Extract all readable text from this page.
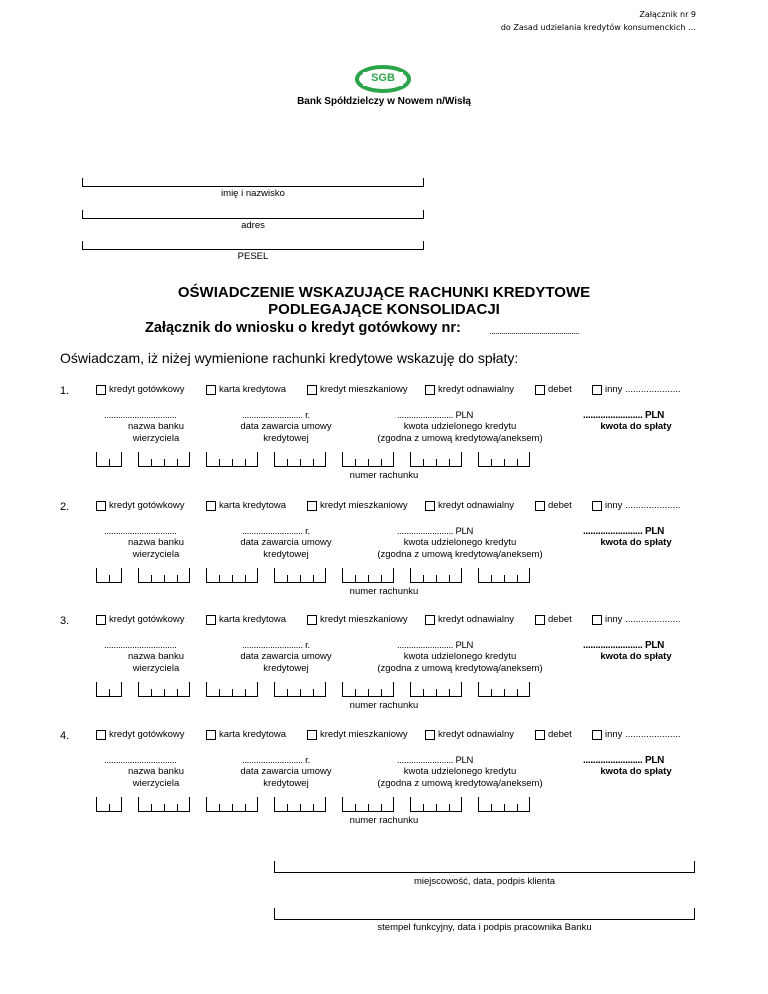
Załącznik nr 9
do Zasad udzielania kredytów konsumenckich …
SGB
Bank Spółdzielczy w Nowem n/Wisłą
imię i nazwisko
adres
PESEL
OŚWIADCZENIE WSKAZUJĄCE RACHUNKI KREDYTOWE
PODLEGAJĄCE KONSOLIDACJI
Załącznik do wniosku o kredyt gotówkowy nr:	.............................................
Oświadczam, iż niżej wymienione rachunki kredytowe wskazuję do spłaty:
1.	kredyt gotówkowy	karta kredytowa	kredyt mieszkaniowy	kredyt odnawialny	debet	inny .....................
...............................
nazwa banku
wierzyciela
.......................... r.
data zawarcia umowy
kredytowej
........................ PLN
kwota udzielonego kredytu
(zgodna z umową kredytową/aneksem)
........................ PLN
kwota do spłaty
numer rachunku
2.	kredyt gotówkowy	karta kredytowa	kredyt mieszkaniowy	kredyt odnawialny	debet	inny .....................
...............................
nazwa banku
wierzyciela
.......................... r.
data zawarcia umowy
kredytowej
........................ PLN
kwota udzielonego kredytu
(zgodna z umową kredytową/aneksem)
........................ PLN
kwota do spłaty
numer rachunku
3.	kredyt gotówkowy	karta kredytowa	kredyt mieszkaniowy	kredyt odnawialny	debet	inny .....................
...............................
nazwa banku
wierzyciela
.......................... r.
data zawarcia umowy
kredytowej
........................ PLN
kwota udzielonego kredytu
(zgodna z umową kredytową/aneksem)
........................ PLN
kwota do spłaty
numer rachunku
4.	kredyt gotówkowy	karta kredytowa	kredyt mieszkaniowy	kredyt odnawialny	debet	inny .....................
...............................
nazwa banku
wierzyciela
.......................... r.
data zawarcia umowy
kredytowej
........................ PLN
kwota udzielonego kredytu
(zgodna z umową kredytową/aneksem)
........................ PLN
kwota do spłaty
numer rachunku
miejscowość, data, podpis klienta
stempel funkcyjny, data i podpis pracownika Banku
